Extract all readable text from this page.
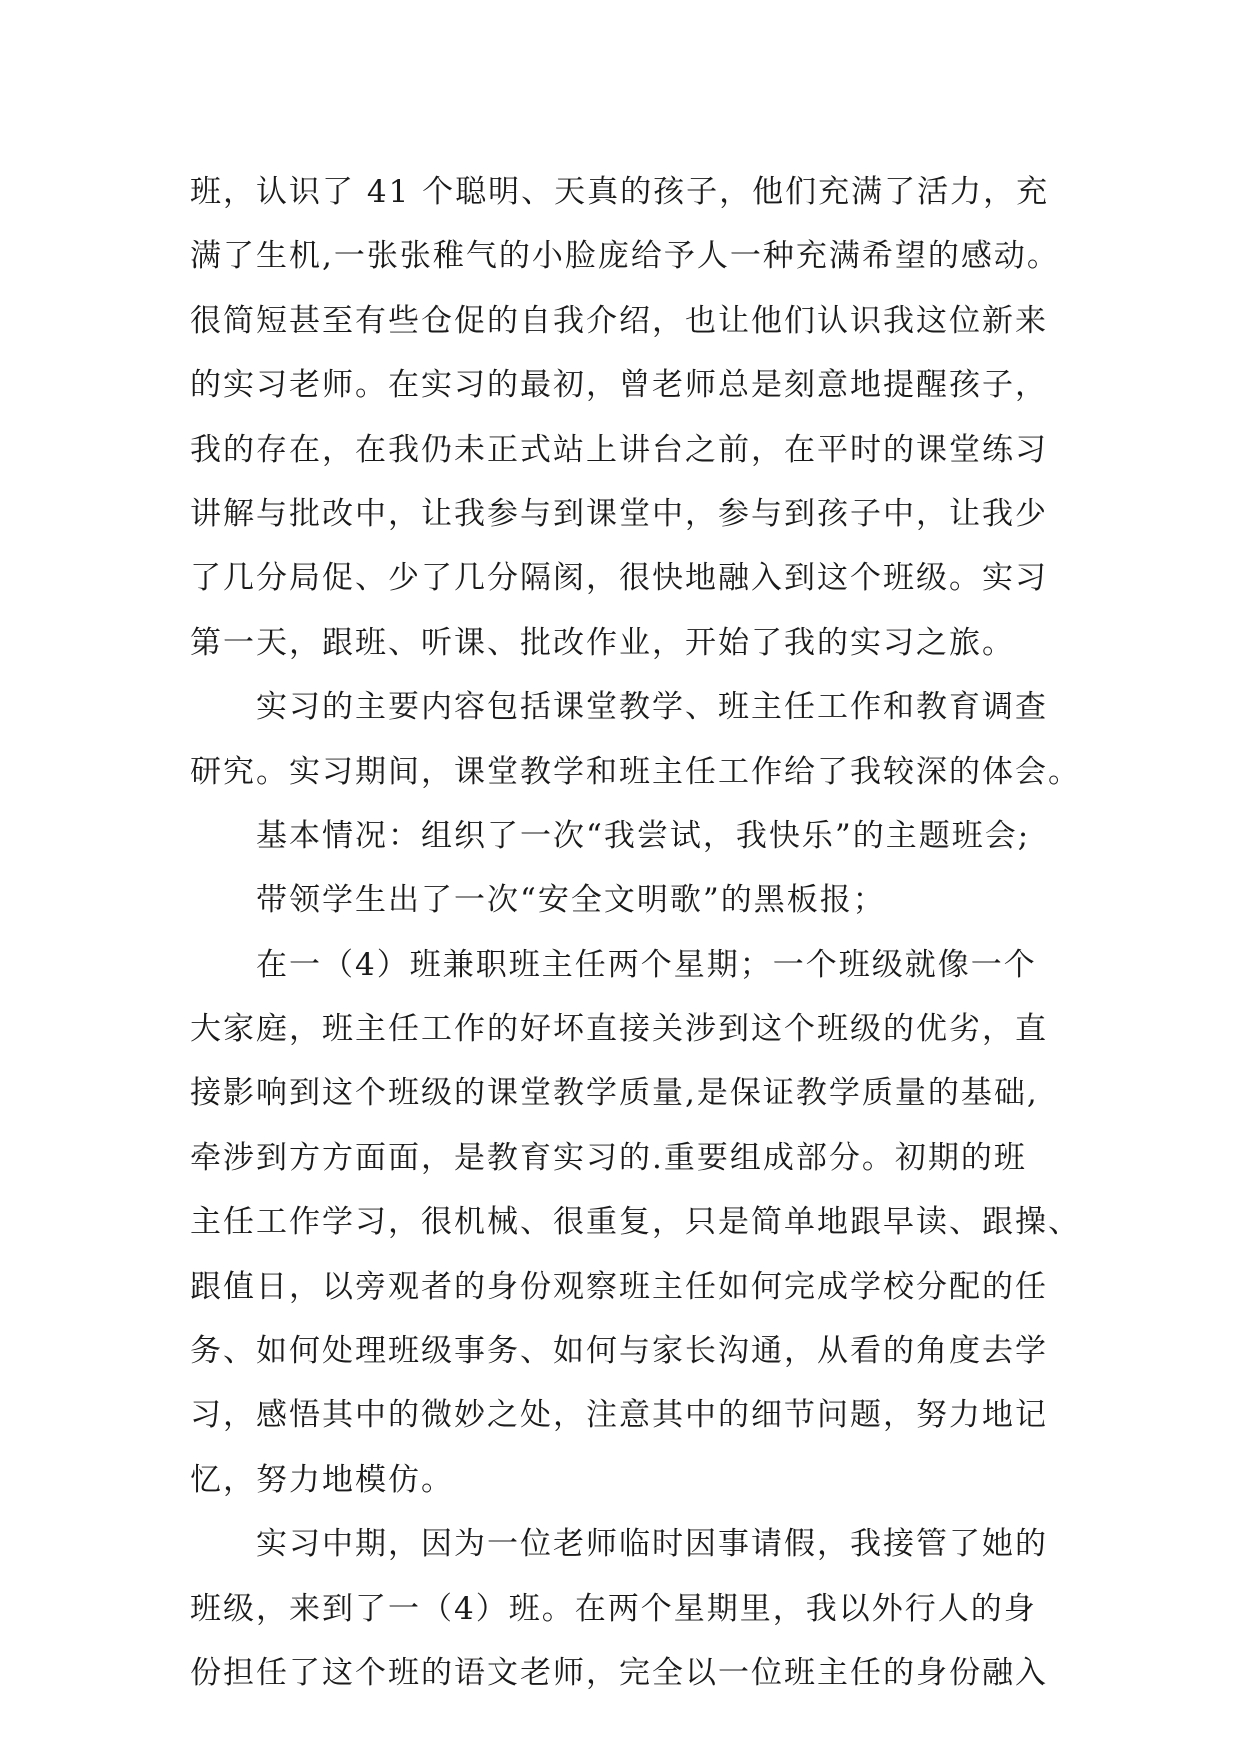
班，认识了 41 个聪明、天真的孩子，他们充满了活力，充
满了生机,一张张稚气的小脸庞给予人一种充满希望的感动。
很简短甚至有些仓促的自我介绍，也让他们认识我这位新来
的实习老师。在实习的最初，曾老师总是刻意地提醒孩子，
我的存在，在我仍未正式站上讲台之前，在平时的课堂练习
讲解与批改中，让我参与到课堂中，参与到孩子中，让我少
了几分局促、少了几分隔阂，很快地融入到这个班级。实习
第一天，跟班、听课、批改作业，开始了我的实习之旅。
实习的主要内容包括课堂教学、班主任工作和教育调查
研究。实习期间，课堂教学和班主任工作给了我较深的体会。
基本情况：组织了一次“我尝试，我快乐”的主题班会;
带领学生出了一次“安全文明歌”的黑板报；
在一（4）班兼职班主任两个星期；一个班级就像一个
大家庭，班主任工作的好坏直接关涉到这个班级的优劣，直
接影响到这个班级的课堂教学质量,是保证教学质量的基础,
牵涉到方方面面，是教育实习的.重要组成部分。初期的班
主任工作学习，很机械、很重复，只是简单地跟早读、跟操、
跟值日，以旁观者的身份观察班主任如何完成学校分配的任
务、如何处理班级事务、如何与家长沟通，从看的角度去学
习，感悟其中的微妙之处，注意其中的细节问题，努力地记
忆，努力地模仿。
实习中期，因为一位老师临时因事请假，我接管了她的
班级，来到了一（4）班。在两个星期里，我以外行人的身
份担任了这个班的语文老师，完全以一位班主任的身份融入
